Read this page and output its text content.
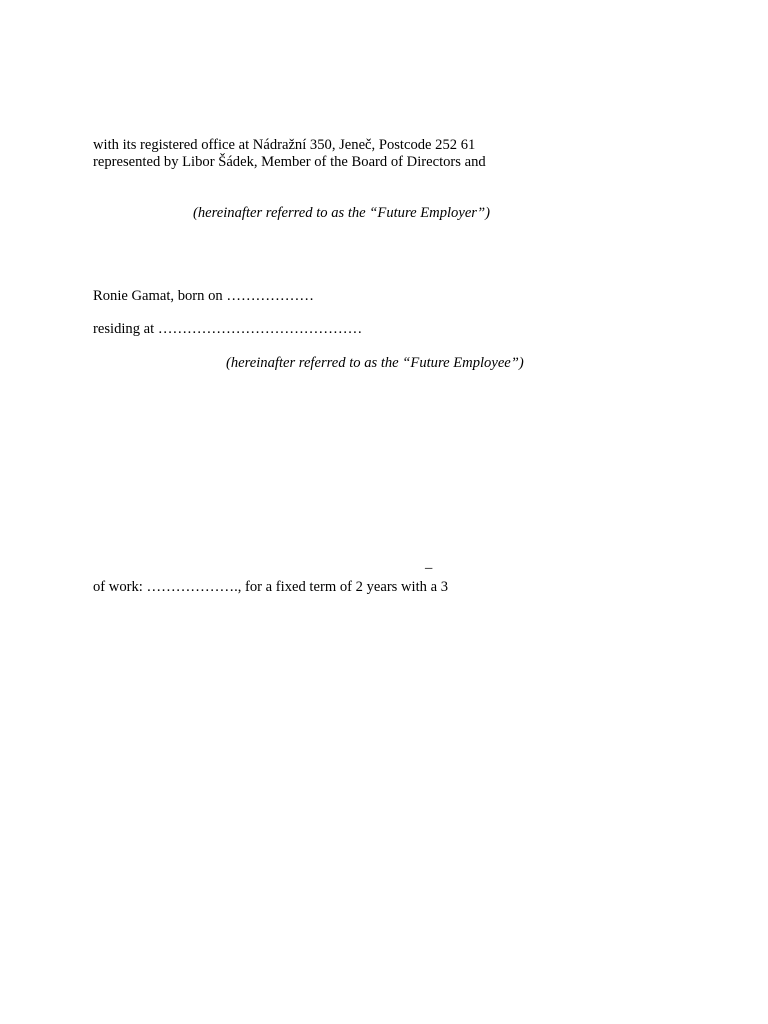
with its registered office at Nádražní 350, Jeneč, Postcode 252 61
represented by Libor Šádek, Member of the Board of Directors and
(hereinafter referred to as the “Future Employer”)
Ronie Gamat, born on ………………
residing at ……………………………………
(hereinafter referred to as the “Future Employee”)
–
of work: ………………., for a fixed term of 2 years with a 3
